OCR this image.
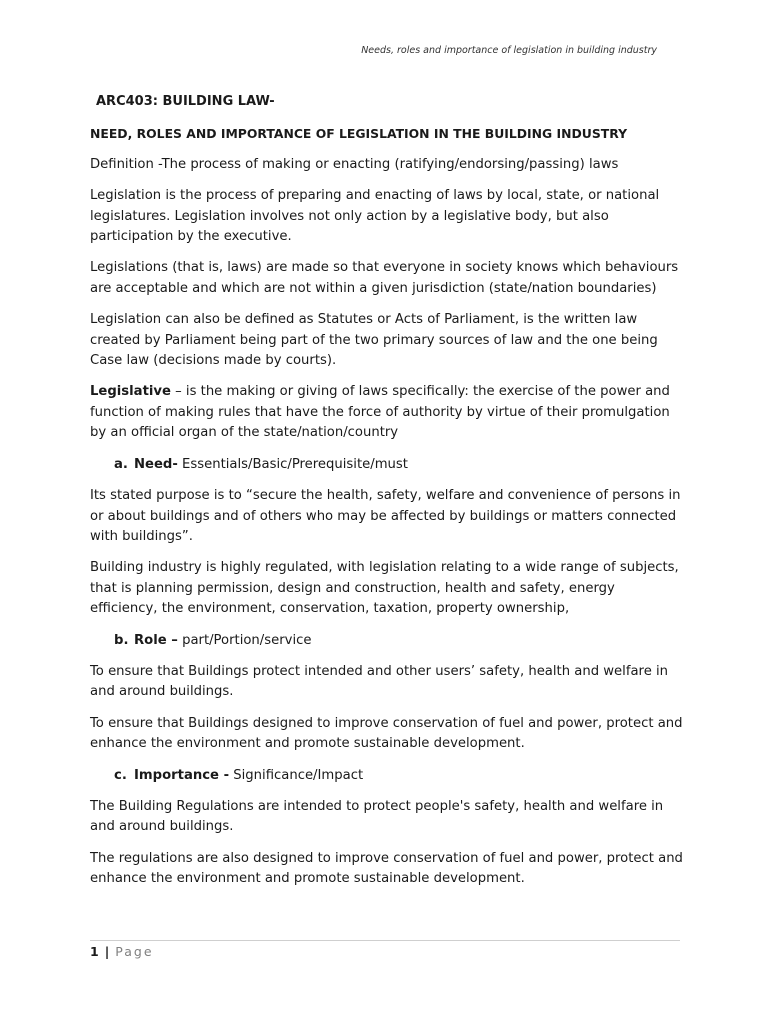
Needs, roles and importance of legislation in building industry
ARC403: BUILDING LAW-
NEED, ROLES AND IMPORTANCE OF LEGISLATION IN THE BUILDING INDUSTRY

Definition -The process of making or enacting (ratifying/endorsing/passing) laws

Legislation is the process of preparing and enacting of laws by local, state, or national legislatures. Legislation involves not only action by a legislative body, but also participation by the executive.

Legislations (that is, laws) are made so that everyone in society knows which behaviours are acceptable and which are not within a given jurisdiction (state/nation boundaries)

Legislation can also be defined as Statutes or Acts of Parliament, is the written law created by Parliament being part of the two primary sources of law and the one being Case law (decisions made by courts).

Legislative – is the making or giving of laws specifically: the exercise of the power and function of making rules that have the force of authority by virtue of their promulgation by an official organ of the state/nation/country

a. Need- Essentials/Basic/Prerequisite/must

Its stated purpose is to “secure the health, safety, welfare and convenience of persons in or about buildings and of others who may be affected by buildings or matters connected with buildings”.

Building industry is highly regulated, with legislation relating to a wide range of subjects, that is planning permission, design and construction, health and safety, energy efficiency, the environment, conservation, taxation, property ownership,

b. Role – part/Portion/service

To ensure that Buildings protect intended and other users’ safety, health and welfare in and around buildings.

To ensure that Buildings designed to improve conservation of fuel and power, protect and enhance the environment and promote sustainable development.

c. Importance - Significance/Impact

The Building Regulations are intended to protect people's safety, health and welfare in and around buildings.

The regulations are also designed to improve conservation of fuel and power, protect and enhance the environment and promote sustainable development.

1 | Page
